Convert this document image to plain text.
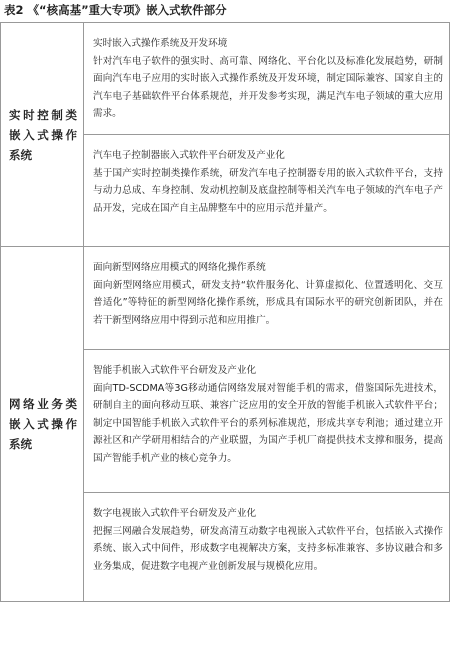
表2 《“核高基”重大专项》嵌入式软件部分
实时控制类嵌入式操作系统	实时嵌入式操作系统及开发环境
针对汽车电子软件的强实时、高可靠、网络化、平台化以及标准化发展趋势，研制面向汽车电子应用的实时嵌入式操作系统及开发环境，制定国际兼容、国家自主的汽车电子基础软件平台体系规范，并开发参考实现，满足汽车电子领域的重大应用需求。

	汽车电子控制器嵌入式软件平台研发及产业化
基于国产实时控制类操作系统，研发汽车电子控制器专用的嵌入式软件平台，支持与动力总成、车身控制、发动机控制及底盘控制等相关汽车电子领域的汽车电子产品开发，完成在国产自主品牌整车中的应用示范并量产。

网络业务类嵌入式操作系统	面向新型网络应用模式的网络化操作系统
面向新型网络应用模式，研发支持“软件服务化、计算虚拟化、位置透明化、交互普适化”等特征的新型网络化操作系统，形成具有国际水平的研究创新团队，并在若干新型网络应用中得到示范和应用推广。

	智能手机嵌入式软件平台研发及产业化
面向TD-SCDMA等3G移动通信网络发展对智能手机的需求，借鉴国际先进技术，研制自主的面向移动互联、兼容广泛应用的安全开放的智能手机嵌入式软件平台；制定中国智能手机嵌入式软件平台的系列标准规范，形成共享专利池；通过建立开源社区和产学研用相结合的产业联盟，为国产手机厂商提供技术支撑和服务，提高国产智能手机产业的核心竞争力。

	数字电视嵌入式软件平台研发及产业化
把握三网融合发展趋势，研发高清互动数字电视嵌入式软件平台，包括嵌入式操作系统、嵌入式中间件，形成数字电视解决方案，支持多标准兼容、多协议融合和多业务集成，促进数字电视产业创新发展与规模化应用。
